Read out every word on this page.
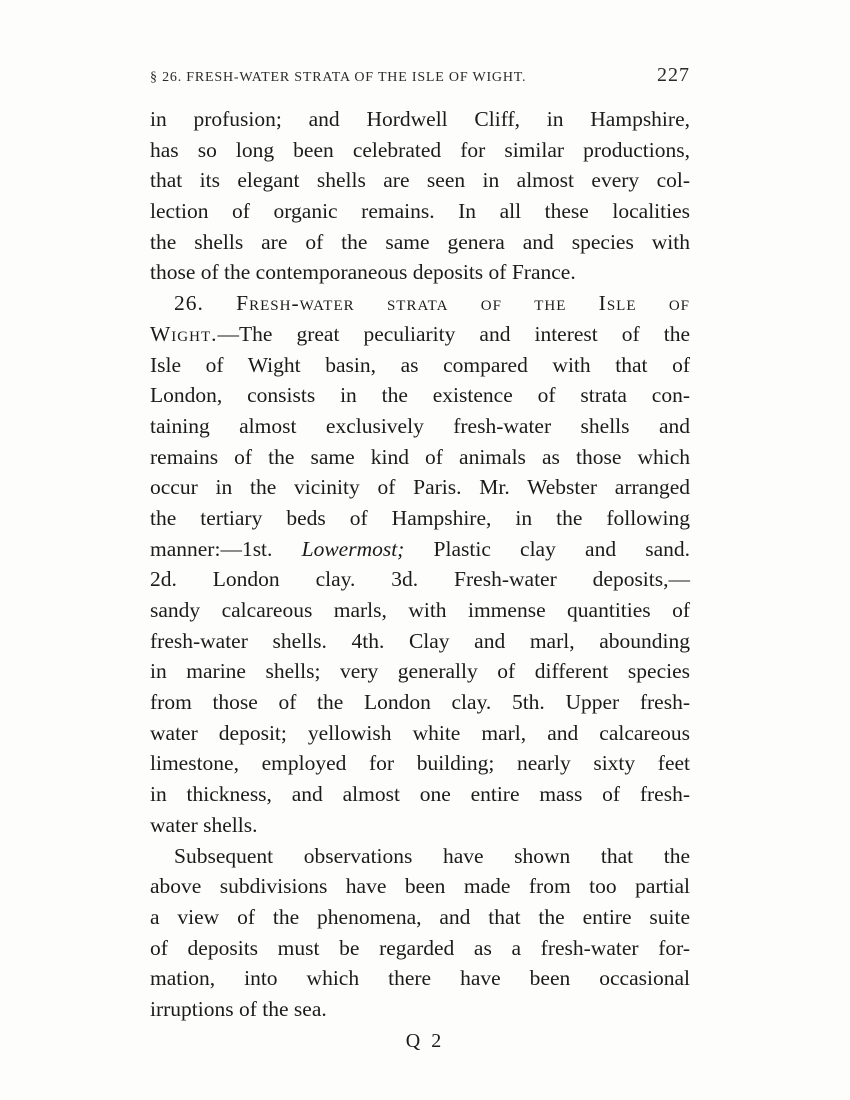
§ 26. FRESH-WATER STRATA OF THE ISLE OF WIGHT.	227
in profusion; and Hordwell Cliff, in Hampshire,
has so long been celebrated for similar productions,
that its elegant shells are seen in almost every col-
lection of organic remains. In all these localities
the shells are of the same genera and species with
those of the contemporaneous deposits of France.
26. Fresh-water strata of the Isle of
Wight.—The great peculiarity and interest of the
Isle of Wight basin, as compared with that of
London, consists in the existence of strata con-
taining almost exclusively fresh-water shells and
remains of the same kind of animals as those which
occur in the vicinity of Paris. Mr. Webster arranged
the tertiary beds of Hampshire, in the following
manner:—1st. Lowermost; Plastic clay and sand.
2d. London clay. 3d. Fresh-water deposits,—
sandy calcareous marls, with immense quantities of
fresh-water shells. 4th. Clay and marl, abounding
in marine shells; very generally of different species
from those of the London clay. 5th. Upper fresh-
water deposit; yellowish white marl, and calcareous
limestone, employed for building; nearly sixty feet
in thickness, and almost one entire mass of fresh-
water shells.
Subsequent observations have shown that the
above subdivisions have been made from too partial
a view of the phenomena, and that the entire suite
of deposits must be regarded as a fresh-water for-
mation, into which there have been occasional
irruptions of the sea.
Q 2
